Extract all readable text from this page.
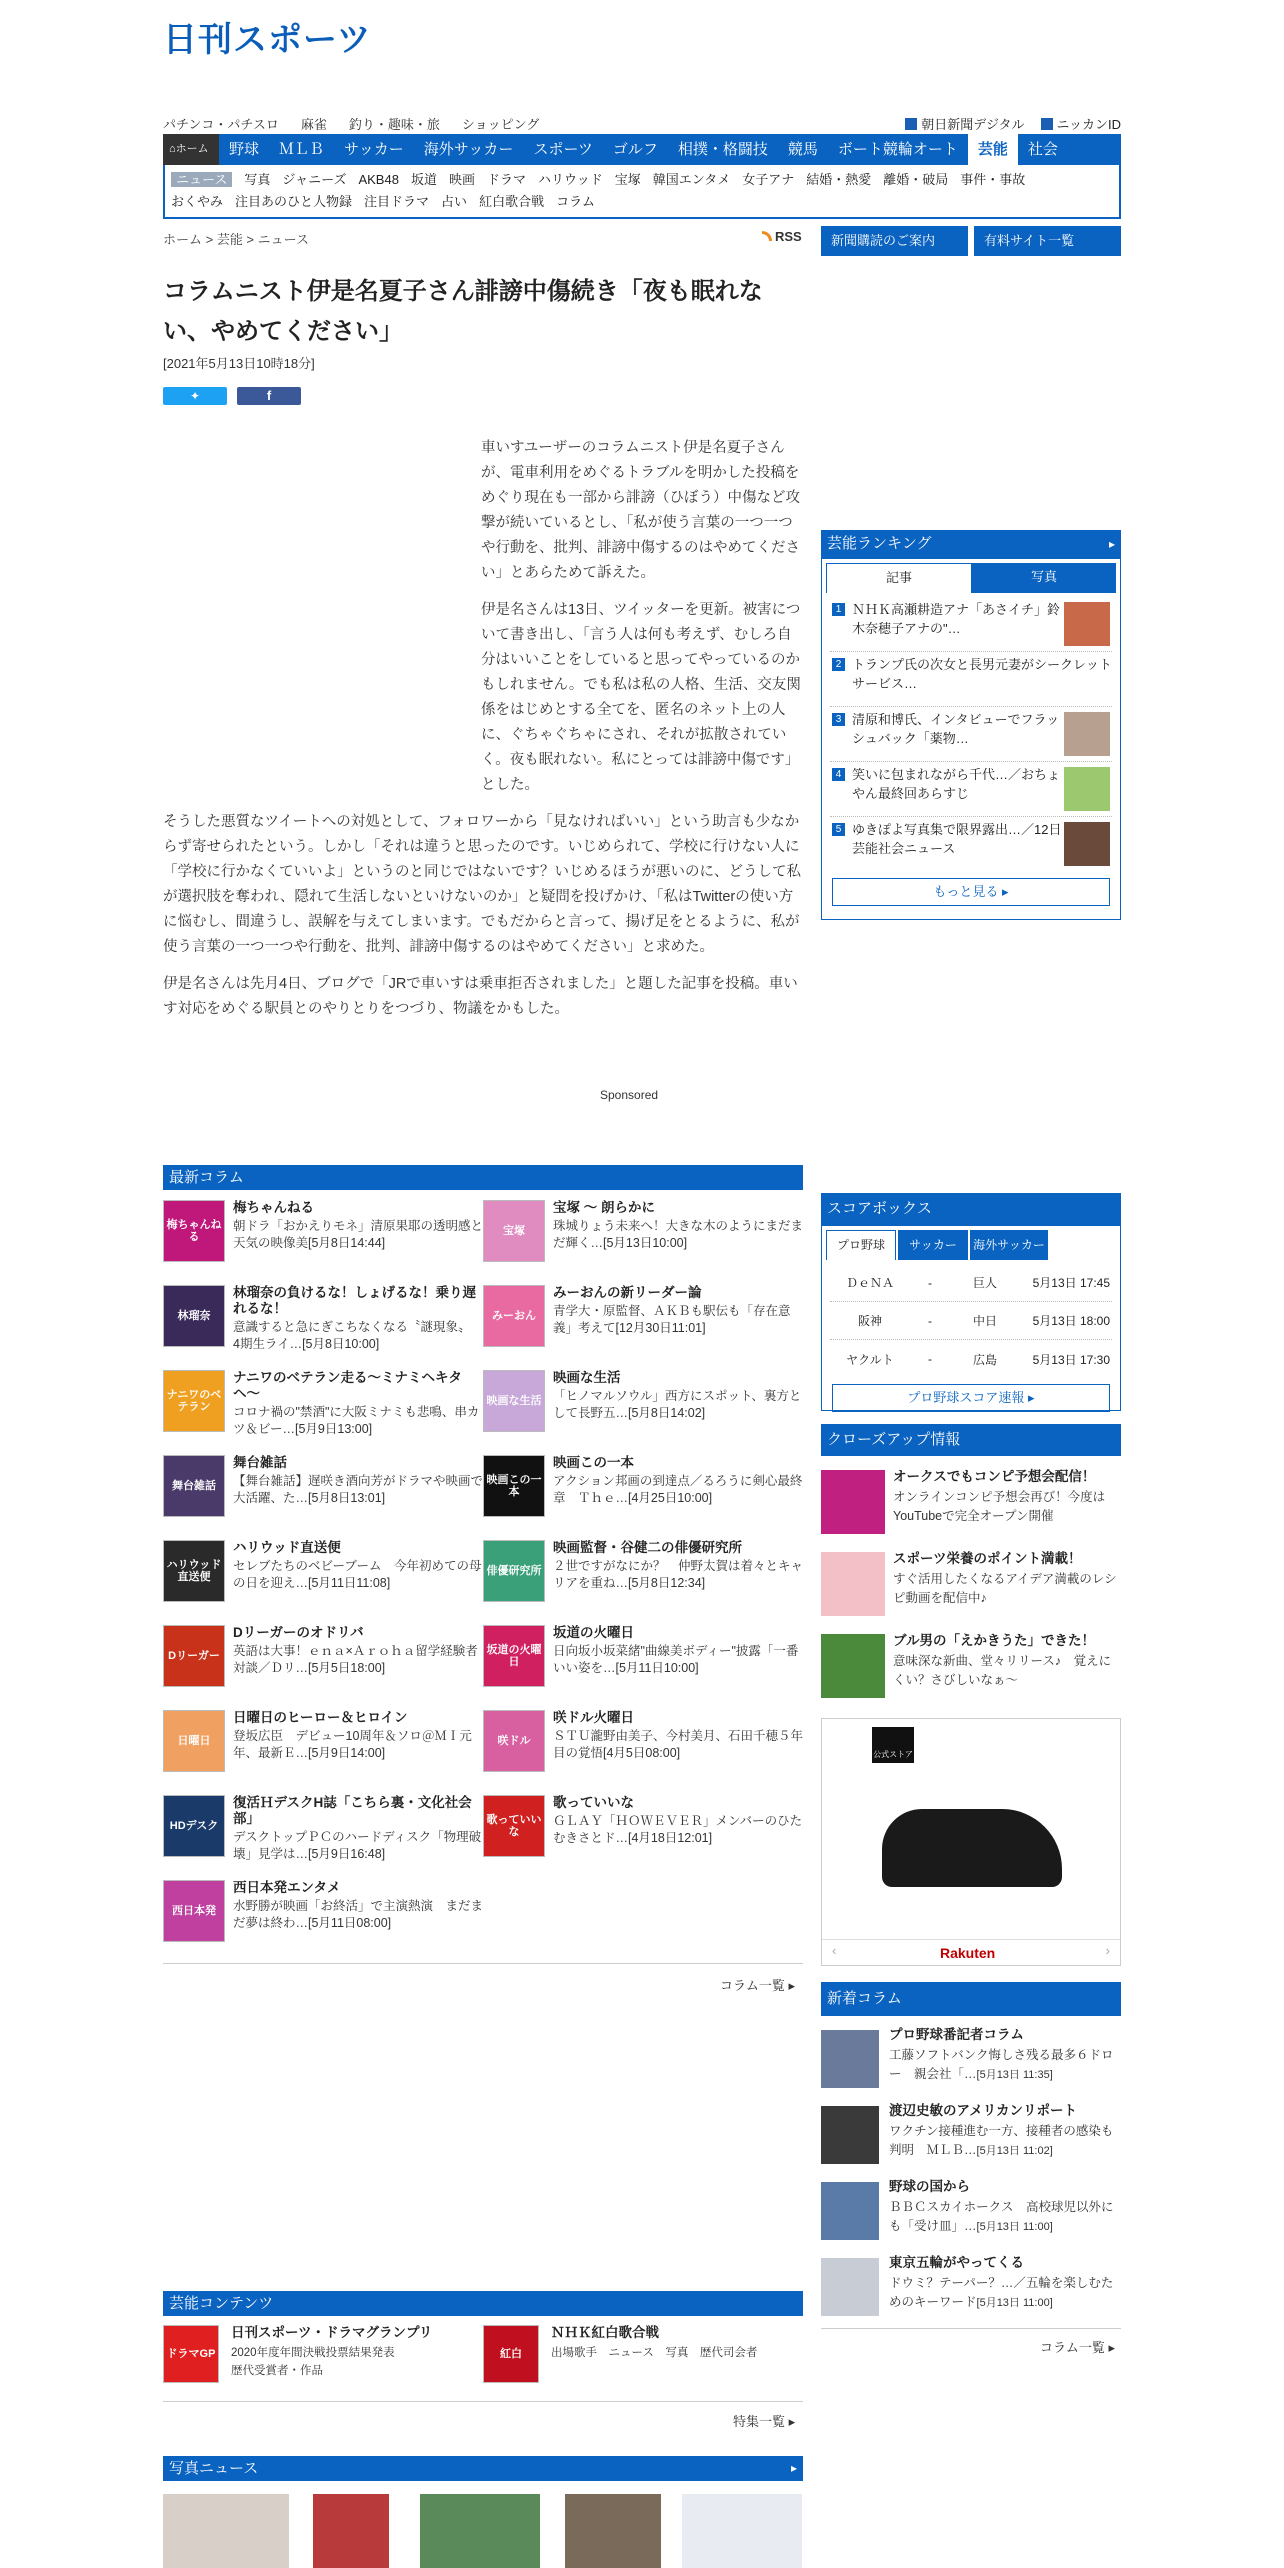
日刊スポーツ
パチンコ・パチスロ 麻雀 釣り・趣味・旅 ショッピング	朝日新聞デジタル	ニッカンID
⌂ホーム	野球	ＭＬＢ	サッカー	海外サッカー	スポーツ	ゴルフ	相撲・格闘技	競馬	ボート競輪オート	芸能	社会
ニュース 写真 ジャニーズ AKB48 坂道 映画 ドラマ ハリウッド 宝塚 韓国エンタメ 女子アナ 結婚・熱愛 離婚・破局 事件・事故
おくやみ 注目あのひと人物録 注目ドラマ 占い 紅白歌合戦 コラム
ホーム > 芸能 > ニュース	RSS	新聞購読のご案内	有料サイト一覧
コラムニスト伊是名夏子さん誹謗中傷続き「夜も眠れない、やめてください」
[2021年5月13日10時18分]
✦	f

車いすユーザーのコラムニスト伊是名夏子さんが、電車利用をめぐるトラブルを明かした投稿をめぐり現在も一部から誹謗（ひぼう）中傷など攻撃が続いているとし、「私が使う言葉の一つ一つや行動を、批判、誹謗中傷するのはやめてください」とあらためて訴えた。

伊是名さんは13日、ツイッターを更新。被害について書き出し、「言う人は何も考えず、むしろ自分はいいことをしていると思ってやっているのかもしれません。でも私は私の人格、生活、交友関係をはじめとする全てを、匿名のネット上の人に、ぐちゃぐちゃにされ、それが拡散されていく。夜も眠れない。私にとっては誹謗中傷です」とした。

そうした悪質なツイートへの対処として、フォロワーから「見なければいい」という助言も少なからず寄せられたという。しかし「それは違うと思ったのです。いじめられて、学校に行けない人に「学校に行かなくていいよ」というのと同じではないです？いじめるほうが悪いのに、どうして私が選択肢を奪われ、隠れて生活しないといけないのか」と疑問を投げかけ、「私はTwitterの使い方に悩むし、間違うし、誤解を与えてしまいます。でもだからと言って、揚げ足をとるように、私が使う言葉の一つ一つや行動を、批判、誹謗中傷するのはやめてください」と求めた。

伊是名さんは先月4日、ブログで「JRで車いすは乗車拒否されました」と題した記事を投稿。車いす対応をめぐる駅員とのやりとりをつづり、物議をかもした。

Sponsored
最新コラム
梅ちゃんねる
梅ちゃんねる
朝ドラ「おかえりモネ」清原果耶の透明感と天気の映像美[5月8日14:44]
宝塚
宝塚 〜 朗らかに
珠城りょう未来へ！大きな木のようにまだまだ輝く…[5月13日10:00]
林瑠奈
林瑠奈の負けるな！しょげるな！乗り遅れるな！
意識すると急にぎこちなくなる〝謎現象〟　4期生ライ…[5月8日10:00]
みーおん
みーおんの新リーダー論
青学大・原監督、ＡＫＢも駅伝も「存在意義」考えて[12月30日11:01]
ナニワのベテラン
ナニワのベテラン走る〜ミナミヘキタヘ〜
コロナ禍の"禁酒"に大阪ミナミも悲鳴、串カツ＆ビー…[5月9日13:00]
映画な生活
映画な生活
「ヒノマルソウル」西方にスポット、裏方として長野五…[5月8日14:02]
舞台雑話
舞台雑話
【舞台雑話】遅咲き酒向芳がドラマや映画で大活躍、た…[5月8日13:01]
映画この一本
映画この一本
アクション邦画の到達点／るろうに剣心最終章　Ｔｈｅ…[4月25日10:00]
ハリウッド直送便
ハリウッド直送便
セレブたちのベビーブーム　今年初めての母の日を迎え…[5月11日11:08]
俳優研究所
映画監督・谷健二の俳優研究所
２世ですがなにか？　仲野太賀は着々とキャリアを重ね…[5月8日12:34]
Dリーガー
Dリーガーのオドリバ
英語は大事！ｅｎａ×Ａｒｏｈａ留学経験者対談／Ｄリ…[5月5日18:00]
坂道の火曜日
坂道の火曜日
日向坂小坂菜緒"曲線美ボディー"披露「一番いい姿を…[5月11日10:00]
日曜日
日曜日のヒーロー＆ヒロイン
登坂広臣　デビュー10周年＆ソロ＠ＭＩ元年、最新Ｅ…[5月9日14:00]
咲ドル
咲ドル火曜日
ＳＴＵ瀧野由美子、今村美月、石田千穂５年目の覚悟[4月5日08:00]
HDデスク
復活ＨデスクH誌「こちら裏・文化社会部」
デスクトップＰＣのハードディスク「物理破壊」見学は…[5月9日16:48]
歌っていいな
歌っていいな
ＧＬＡＹ「ＨＯＷＥＶＥＲ」メンバーのひたむきさとド…[4月18日12:01]
西日本発
西日本発エンタメ
水野勝が映画「お終活」で主演熱演　まだまだ夢は終わ…[5月11日08:00]
コラム一覧 ▸
芸能コンテンツ
ドラマGP
日刊スポーツ・ドラマグランプリ
2020年度年間決戦投票結果発表
歴代受賞者・作品
紅白
ＮＨＫ紅白歌合戦
出場歌手　ニュース　写真　歴代司会者
特集一覧 ▸
写真ニュース ▸
芸能ランキング ▸
記事	写真
1 ＮＨＫ高瀬耕造アナ「あさイチ」鈴木奈穂子アナの"…
2 トランプ氏の次女と長男元妻がシークレットサービス…
3 清原和博氏、インタビューでフラッシュバック「薬物…
4 笑いに包まれながら千代…／おちょやん最終回あらすじ
5 ゆきぽよ写真集で限界露出…／12日芸能社会ニュース
もっと見る ▸
スコアボックス
プロ野球	サッカー	海外サッカー
ＤｅＮＡ	-	巨人	5月13日 17:45
阪神	-	中日	5月13日 18:00
ヤクルト	-	広島	5月13日 17:30
プロ野球スコア速報 ▸
クローズアップ情報
オークスでもコンピ予想会配信！
オンラインコンピ予想会再び！今度はYouTubeで完全オープン開催
スポーツ栄養のポイント満載！
すぐ活用したくなるアイデア満載のレシピ動画を配信中♪
ブル男の「えかきうた」できた！
意味深な新曲、堂々リリース♪　覚えにくい？さびしいなぁ〜
公式ストア
‹	Rakuten	›
新着コラム
プロ野球番記者コラム
工藤ソフトバンク悔しさ残る最多６ドロー　親会社「…[5月13日 11:35]
渡辺史敏のアメリカンリポート
ワクチン接種進む一方、接種者の感染も判明　ＭＬＢ…[5月13日 11:02]
野球の国から
ＢＢＣスカイホークス　高校球児以外にも「受け皿」…[5月13日 11:00]
東京五輪がやってくる
ドウミ？テーパー？…／五輪を楽しむためのキーワード[5月13日 11:00]
コラム一覧 ▸
